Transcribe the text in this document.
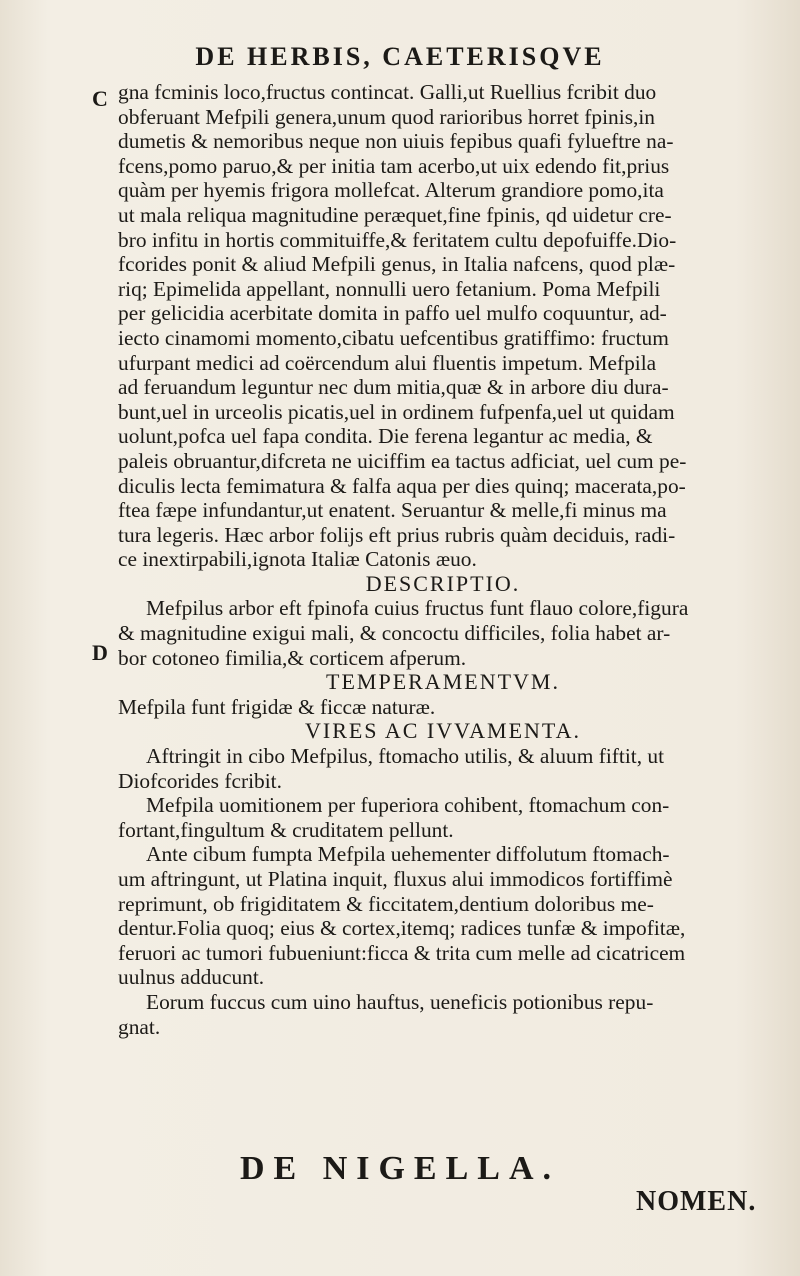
DE HERBIS, CAETERISQVE
C
D
gna fcminis loco,fructus contincat. Galli,ut Ruellius fcribit duo
obferuant Mefpili genera,unum quod rarioribus horret fpinis,in
dumetis & nemoribus neque non uiuis fepibus quafi fylueftre na-
fcens,pomo paruo,& per initia tam acerbo,ut uix edendo fit,prius
quàm per hyemis frigora mollefcat. Alterum grandiore pomo,ita
ut mala reliqua magnitudine peræquet,fine fpinis, qd uidetur cre-
bro infitu in hortis commituiffe,& feritatem cultu depofuiffe.Dio-
fcorides ponit & aliud Mefpili genus, in Italia nafcens, quod plæ-
riq; Epimelida appellant, nonnulli uero fetanium. Poma Mefpili
per gelicidia acerbitate domita in paffo uel mulfo coquuntur, ad-
iecto cinamomi momento,cibatu uefcentibus gratiffimo: fructum
ufurpant medici ad coërcendum alui fluentis impetum. Mefpila
ad feruandum leguntur nec dum mitia,quæ & in arbore diu dura-
bunt,uel in urceolis picatis,uel in ordinem fufpenfa,uel ut quidam
uolunt,pofca uel fapa condita. Die ferena legantur ac media, &
paleis obruantur,difcreta ne uiciffim ea tactus adficiat, uel cum pe-
diculis lecta femimatura & falfa aqua per dies quinq; macerata,po-
ftea fæpe infundantur,ut enatent. Seruantur & melle,fi minus ma
tura legeris. Hæc arbor folijs eft prius rubris quàm deciduis, radi-
ce inextirpabili,ignota Italiæ Catonis æuo.
DESCRIPTIO.
Mefpilus arbor eft fpinofa cuius fructus funt flauo colore,figura
& magnitudine exigui mali, & concoctu difficiles, folia habet ar-
bor cotoneo fimilia,& corticem afperum.
TEMPERAMENTVM.
Mefpila funt frigidæ & ficcæ naturæ.
VIRES AC IVVAMENTA.
Aftringit in cibo Mefpilus, ftomacho utilis, & aluum fiftit, ut
Diofcorides fcribit.
Mefpila uomitionem per fuperiora cohibent, ftomachum con-
fortant,fingultum & cruditatem pellunt.
Ante cibum fumpta Mefpila uehementer diffolutum ftomach-
um aftringunt, ut Platina inquit, fluxus alui immodicos fortiffimè
reprimunt, ob frigiditatem & ficcitatem,dentium doloribus me-
dentur.Folia quoq; eius & cortex,itemq; radices tunfæ & impofitæ,
feruori ac tumori fubueniunt:ficca & trita cum melle ad cicatricem
uulnus adducunt.
Eorum fuccus cum uino hauftus, ueneficis potionibus repu-
gnat.
DE NIGELLA.
NOMEN.
